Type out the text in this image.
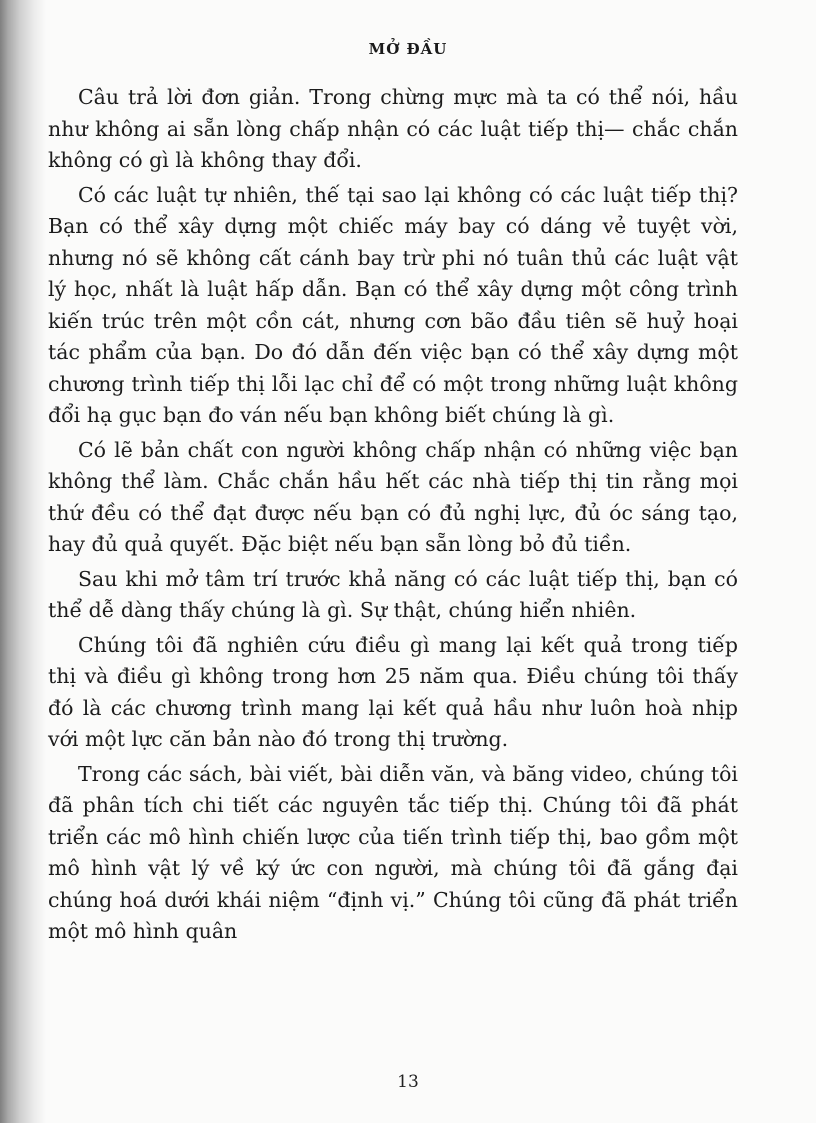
MỞ ĐẦU

Câu trả lời đơn giản. Trong chừng mực mà ta có thể nói, hầu như không ai sẵn lòng chấp nhận có các luật tiếp thị— chắc chắn không có gì là không thay đổi.

Có các luật tự nhiên, thế tại sao lại không có các luật tiếp thị? Bạn có thể xây dựng một chiếc máy bay có dáng vẻ tuyệt vời, nhưng nó sẽ không cất cánh bay trừ phi nó tuân thủ các luật vật lý học, nhất là luật hấp dẫn. Bạn có thể xây dựng một công trình kiến trúc trên một cồn cát, nhưng cơn bão đầu tiên sẽ huỷ hoại tác phẩm của bạn. Do đó dẫn đến việc bạn có thể xây dựng một chương trình tiếp thị lỗi lạc chỉ để có một trong những luật không đổi hạ gục bạn đo ván nếu bạn không biết chúng là gì.

Có lẽ bản chất con người không chấp nhận có những việc bạn không thể làm. Chắc chắn hầu hết các nhà tiếp thị tin rằng mọi thứ đều có thể đạt được nếu bạn có đủ nghị lực, đủ óc sáng tạo, hay đủ quả quyết. Đặc biệt nếu bạn sẵn lòng bỏ đủ tiền.

Sau khi mở tâm trí trước khả năng có các luật tiếp thị, bạn có thể dễ dàng thấy chúng là gì. Sự thật, chúng hiển nhiên.

Chúng tôi đã nghiên cứu điều gì mang lại kết quả trong tiếp thị và điều gì không trong hơn 25 năm qua. Điều chúng tôi thấy đó là các chương trình mang lại kết quả hầu như luôn hoà nhịp với một lực căn bản nào đó trong thị trường.

Trong các sách, bài viết, bài diễn văn, và băng video, chúng tôi đã phân tích chi tiết các nguyên tắc tiếp thị. Chúng tôi đã phát triển các mô hình chiến lược của tiến trình tiếp thị, bao gồm một mô hình vật lý về ký ức con người, mà chúng tôi đã gắng đại chúng hoá dưới khái niệm “định vị.” Chúng tôi cũng đã phát triển một mô hình quân

13
